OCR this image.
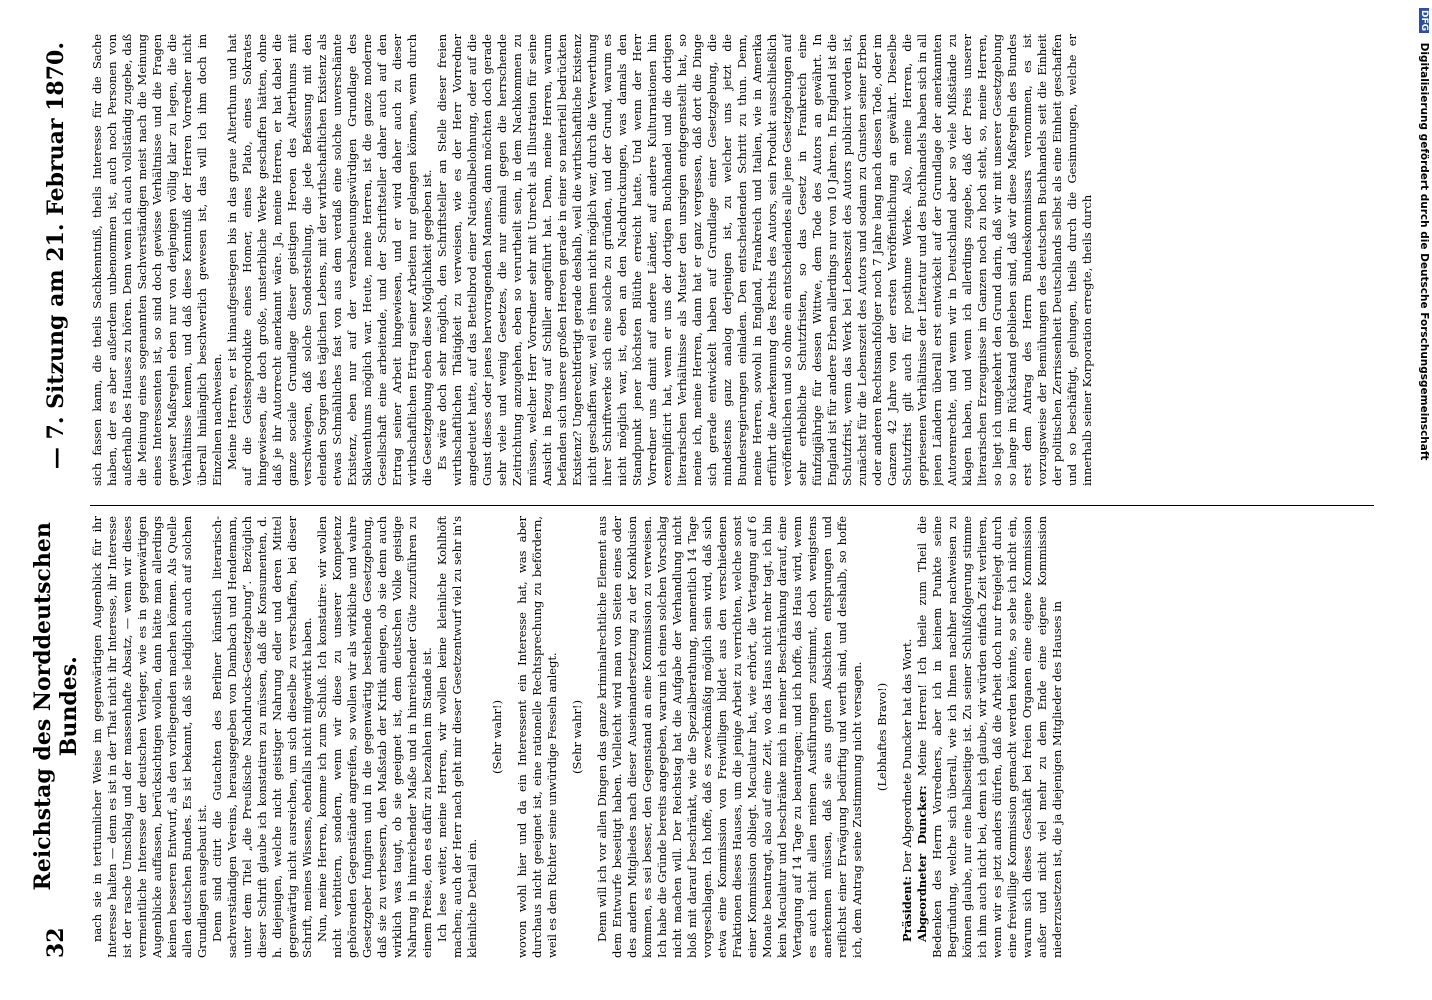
32
Reichstag des Norddeutschen Bundes.
— 7. Sitzung am 21. Februar 1870.

nach sie in tertiumlicher Weise im gegenwärtigen Augenblick für ihr Interesse halten — denn es ist in der That nicht ihr Interesse, ihr Interesse ist der rasche Umschlag und der massenhafte Absatz, — wenn wir dieses vermeintliche Interesse der deutschen Verleger, wie es in gegenwärtigen Augenblicke auffassen, berücksichtigen wollen, dann hätte man allerdings keinen besseren Entwurf, als den vorliegenden machen können. Als Quelle allen deutschen Bundes. Es ist bekannt, daß sie lediglich auch auf solchen Grundlagen ausgebaut ist. Denn sind citirt die Gutachten des Berliner künstlich literarisch-sachverständigen Vereins, herausgegeben von Dambach und Hendemann, unter dem Titel „die Preußische Nachdrucks-Gesetzgebung“. Bezüglich dieser Schrift glaube ich konstatiren zu müssen, daß die Konsumenten, d. h. diejenigen, welche nicht geistiger Nahrung edler und deren Mittel gegenwärtig nicht ausreichen, um sich dieselbe zu verschaffen, bei dieser Schrift, meines Wissens, ebenfalls nicht mitgewirkt haben. Nun, meine Herren, komme ich zum Schluß. Ich konstatire: wir wollen nicht verbittern, sondern, wenn wir diese zu unserer Kompetenz gehörenden Gegenstände angreifen, so wollen wir als wirkliche und wahre Gesetzgeber fungiren und in die gegenwärtig bestehende Gesetzgebung, daß sie zu verbessern, den Maßstab der Kritik anlegen, ob sie denn auch wirklich was taugt, ob sie geeignet ist, dem deutschen Volke geistige Nahrung in hinreichender Maße und in hinreichender Güte zuzuführen zu einem Preise, den es dafür zu bezahlen im Stande ist. Ich lese weiter, meine Herren, wir wollen keine kleinliche Kohlhöft machen; auch der Herr nach geht mir dieser Gesetzentwurf viel zu sehr in's kleinliche Detail ein.

(Sehr wahr!) wovon wohl hier und da ein Interessent ein Interesse hat, was aber durchaus nicht geeignet ist, eine rationelle Rechtsprechung zu befördern, weil es dem Richter seine unwürdige Fesseln anlegt. (Sehr wahr!) Denn will ich vor allen Dingen das ganze kriminalrechtliche Element aus dem Entwurfe beseitigt haben. Vielleicht wird man von Seiten eines oder des andern Mitgliedes nach dieser Auseinandersetzung zu der Konklusion kommen, es sei besser, den Gegenstand an eine Kommission zu verweisen. Ich habe die Gründe bereits angegeben, warum ich einen solchen Vorschlag nicht machen will. Der Reichstag hat die Aufgabe der Verhandlung nicht bloß mit darauf beschränkt, wie die Spezialberathung, namentlich 14 Tage vorgeschlagen. Ich hoffe, daß es zweckmäßig möglich sein wird, daß sich etwa eine Kommission von Freiwilligen bildet aus den verschiedenen Fraktionen dieses Hauses, um die jenige Arbeit zu verrichten, welche sonst einer Kommission obliegt. Maculatur hat, wie erhört, die Vertagung auf 6 Monate beantragt, also auf eine Zeit, wo das Haus nicht mehr tagt, ich bin kein Maculatur und beschränke mich in meiner Beschränkung darauf, eine Vertagung auf 14 Tage zu beantragen; und ich hoffe, das Haus wird, wenn es auch nicht allen meinen Ausführungen zustimmt, doch wenigstens anerkennen müssen, daß sie aus guten Absichten entsprungen und reiflichst einer Erwägung bedürftig und werth sind, und deshalb, so hoffe ich, dem Antrag seine Zustimmung nicht versagen. (Lebhaftes Bravo!)

Präsident: Der Abgeordnete Duncker hat das Wort. Abgeordneter Duncker: Meine Herren! Ich theile zum Theil die Bedenken des Herrn Vorredners, aber ich in keinem Punkte seine Begründung, welche sich überall, wie ich Ihnen nachher nachweisen zu können glaube, nur eine halbseitige ist. Zu seiner Schlußfolgerung stimme ich ihm auch nicht bei, denn ich glaube, wir würden einfach Zeit verlieren, wenn wir es jetzt anders dürfen, daß die Arbeit doch nur freigelegt durch eine freiwillige Kommission gemacht werden könnte, so sehe ich nicht ein, warum sich dieses Geschäft bei freien Organen eine eigene Kommission außer und nicht viel mehr zu dem Ende eine eigene Kommission niederzusetzen ist, die ja diejenigen Mitglieder des Hauses in

sich fassen kann, die theils Sachkenntniß, theils Interesse für die Sache haben, der es aber außerdem unbenommen ist, auch noch Personen von außerhalb des Hauses zu hören. Denn wenn ich auch vollständig zugebe, daß die Meinung eines sogenannten Sachverständigen meist nach die Meinung eines Interessenten ist, so sind doch gewisse Verhältnisse und die Fragen gewisser Maßregeln eben nur von denjenigen völlig klar zu legen, die die Verhältnisse kennen, und daß diese Kenntniß der Herren Vorredner nicht überall hinlänglich beschwerlich gewesen ist, das will ich ihm doch im Einzelnen nachweisen. Meine Herren, er ist hinaufgestiegen bis in das graue Alterthum und hat auf die Geistesprodukte eines Homer, eines Plato, eines Sokrates hingewiesen, die doch große, unsterbliche Werke geschaffen hätten, ohne daß je ihr Autorrecht anerkannt wäre. Ja, meine Herren, er hat dabei die ganze sociale Grundlage dieser geistigen Heroen des Alterthums mit verschwiegen, daß solche Sonderstellung, die jede Befassung mit den elenden Sorgen des täglichen Lebens, mit der wirthschaftlichen Existenz als etwas Schmähliches fast von aus dem verdaß eine solche unverschämte Existenz, eben nur auf der verabscheuungswürdigen Grundlage des Sklaventhums möglich war. Heute, meine Herren, ist die ganze moderne Gesellschaft eine arbeitende, und der Schriftsteller daher auch auf den Ertrag seiner Arbeit hingewiesen, und er wird daher auch zu dieser wirthschaftlichen Ertrag seiner Arbeiten nur gelangen können, wenn durch die Gesetzgebung eben diese Möglichkeit gegeben ist. Es wäre doch sehr möglich, den Schriftsteller an Stelle dieser freien wirthschaftlichen Thätigkeit zu verweisen, wie es der Herr Vorredner angedeutet hatte, auf das Bettelbrod einer Nationalbelohnung, oder auf die Gunst dieses oder jenes hervorragenden Mannes, dann möchten doch gerade sehr viele und wenig Gesetzes, die nur einmal gegen die herrschende Zeitrichtung anzugehen, eben so verurtheilt sein, in dem Nachkommen zu müssen, welcher Herr Vorredner sehr mit Unrecht als Illustration für seine Ansicht in Bezug auf Schiller angeführt hat. Denn, meine Herren, warum befanden sich unsere großen Heroen gerade in einer so materiell bedrückten Existenz? Ungerechtfertigt gerade deshalb, weil die wirthschaftliche Existenz nicht geschaffen war, weil es ihnen nicht möglich war, durch die Verwerthung ihrer Schriftwerke sich eine solche zu gründen, und der Grund, warum es nicht möglich war, ist, eben an den Nachdruckungen, was damals den Standpunkt jener höchsten Blüthe erreicht hatte. Und wenn der Herr Vorredner uns damit auf andere Länder, auf andere Kulturnationen hin exemplificirt hat, wenn er uns der dortigen Buchhandel und die dortigen literarischen Verhältnisse als Muster den unsrigen entgegenstellt hat, so meine ich, meine Herren, dann hat er ganz vergessen, daß dort die Dinge sich gerade entwickelt haben auf Grundlage einer Gesetzgebung, die mindestens ganz analog derjenigen ist, zu welcher uns jetzt die Bundesregierungen einladen. Den entscheidenden Schritt zu thun. Denn, meine Herren, sowohl in England, Frankreich und Italien, wie in Amerika erführt die Anerkennung des Rechts des Autors, sein Produkt ausschließlich veröffentlichen und so ohne ein entscheidendes alle jene Gesetzgebungen auf sehr erhebliche Schutzfristen, so das Gesetz in Frankreich eine fünfzigjährige für dessen Wittwe, dem Tode des Autors an gewährt. In England ist für andere Erben allerdings nur von 10 Jahren. In England ist die Schutzfrist, wenn das Werk bei Lebenszeit des Autors publicirt worden ist, zunächst für die Lebenszeit des Autors und sodann zu Gunsten seiner Erben oder anderen Rechtsnachfolger noch 7 Jahre lang nach dessen Tode, oder im Ganzen 42 Jahre von der ersten Veröffentlichung an gewährt. Dieselbe Schutzfrist gilt auch für posthume Werke. Also, meine Herren, die gepriesenen Verhältnisse der Literatur und des Buchhandels haben sich in all jenen Ländern überall erst entwickelt auf der Grundlage der anerkannten Autorenrechte, und wenn wir in Deutschland aber so viele Mißstände zu klagen haben, und wenn ich allerdings zugebe, daß der Preis unserer literarischen Erzeugnisse im Ganzen noch zu hoch steht, so, meine Herren, so liegt ich umgekehrt den Grund darin, daß wir mit unserer Gesetzgebung so lange im Rückstand geblieben sind, daß wir diese Maßregeln des Bundes erst dem Antrag des Herrn Bundeskommissars vernommen, es ist vorzugsweise der Bemühungen des deutschen Buchhandels seit die Einheit der politischen Zerrissenheit Deutschlands selbst als eine Einheit geschaffen und so beschäftigt, gelungen, theils durch die Gesinnungen, welche er innerhalb seiner Korporation erregte, theils durch

DFG Digitalisierung gefördert durch die Deutsche Forschungsgemeinschaft
